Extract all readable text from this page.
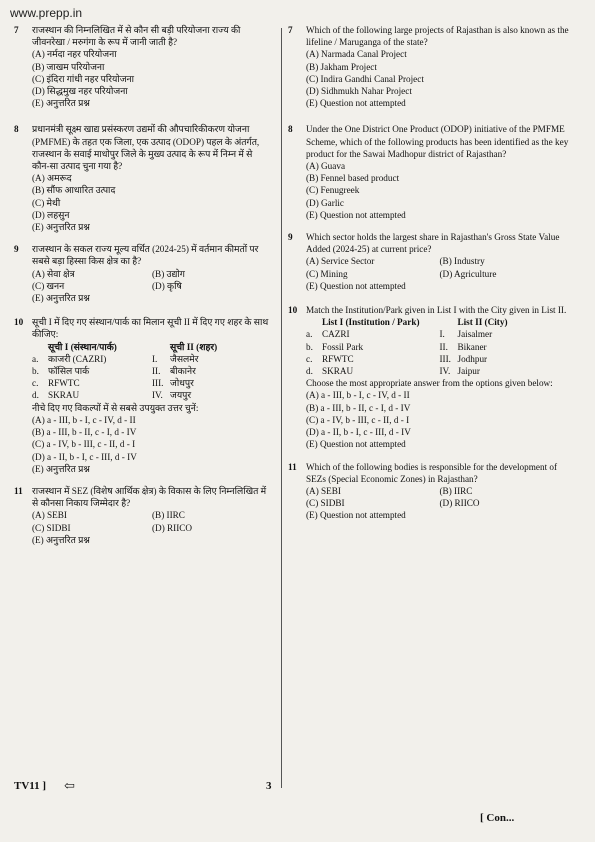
www.prepp.in
7 राजस्थान की निम्नलिखित में से कौन सी बड़ी परियोजना राज्य की जीवनरेखा / मरुगंगा के रूप में जानी जाती है?
(A) नर्मदा नहर परियोजना
(B) जाखम परियोजना
(C) इंदिरा गांधी नहर परियोजना
(D) सिद्धमुख नहर परियोजना
(E) अनुत्तरित प्रश्न
8 प्रधानमंत्री सूक्ष्म खाद्य प्रसंस्करण उद्यमों की औपचारिकीकरण योजना (PMFME) के तहत एक जिला, एक उत्पाद (ODOP) पहल के अंतर्गत, राजस्थान के सवाई माधोपुर जिले के मुख्य उत्पाद के रूप में निम्न में से कौन-सा उत्पाद चुना गया है?
(A) अमरूद
(B) सौंफ आधारित उत्पाद
(C) मेथी
(D) लहसुन
(E) अनुत्तरित प्रश्न
9 राजस्थान के सकल राज्य मूल्य वर्धित (2024-25) में वर्तमान कीमतों पर सबसे बड़ा हिस्सा किस क्षेत्र का है?
(A) सेवा क्षेत्र	(B) उद्योग
(C) खनन	(D) कृषि
(E) अनुत्तरित प्रश्न
10 सूची I में दिए गए संस्थान/पार्क का मिलान सूची II में दिए गए शहर के साथ कीजिए:
सूची I (संस्थान/पार्क)	सूची II (शहर)
a.	काजरी (CAZRI)	I.	जैसलमेर
b. फॉसिल पार्क	II.	बीकानेर
c.	RFWTC	III. जोधपुर
d. SKRAU	IV. जयपुर
नीचे दिए गए विकल्पों में से सबसे उपयुक्त उत्तर चुनें:
(A) a - III, b - I, c - IV, d - II
(B) a - III, b - II, c - I, d - IV
(C) a - IV, b - III, c - II, d - I
(D) a - II, b - I, c - III, d - IV
(E) अनुत्तरित प्रश्न
11 राजस्थान में SEZ (विशेष आर्थिक क्षेत्र) के विकास के लिए निम्नलिखित में से कौनसा निकाय जिम्मेदार है?
(A) SEBI	(B) IIRC
(C) SIDBI	(D) RIICO
(E) अनुत्तरित प्रश्न
7 Which of the following large projects of Rajasthan is also known as the lifeline / Maruganga of the state?
(A) Narmada Canal Project
(B) Jakham Project
(C) Indira Gandhi Canal Project
(D) Sidhmukh Nahar Project
(E) Question not attempted
8 Under the One District One Product (ODOP) initiative of the PMFME Scheme, which of the following products has been identified as the key product for the Sawai Madhopur district of Rajasthan?
(A) Guava
(B) Fennel based product
(C) Fenugreek
(D) Garlic
(E) Question not attempted
9 Which sector holds the largest share in Rajasthan's Gross State Value Added (2024-25) at current price?
(A) Service Sector	(B) Industry
(C) Mining	(D) Agriculture
(E) Question not attempted
10 Match the Institution/Park given in List I with the City given in List II.
List I (Institution / Park)	List II (City)
a.	CAZRI	I.	Jaisalmer
b. Fossil Park	II.	Bikaner
c.	RFWTC	III. Jodhpur
d. SKRAU	IV. Jaipur
Choose the most appropriate answer from the options given below:
(A) a - III, b - I, c - IV, d - II
(B) a - III, b - II, c - I, d - IV
(C) a - IV, b - III, c - II, d - I
(D) a - II, b - I, c - III, d - IV
(E) Question not attempted
11 Which of the following bodies is responsible for the development of SEZs (Special Economic Zones) in Rajasthan?
(A) SEBI	(B) IIRC
(C) SIDBI	(D) RIICO
(E) Question not attempted
TV11 ] ⇦	3
[ Con...
